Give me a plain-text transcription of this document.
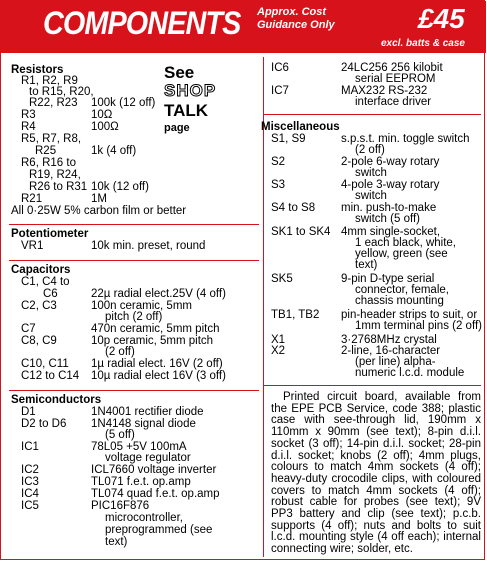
COMPONENTS Approx. Cost
Guidance Only	£45
excl. batts & case
See
SHOP
TALK
page
Resistors
R1, R2, R9
to R15, R20,
R22, R23 100k (12 off)
R3	10Ω
R4	100Ω
R5, R7, R8,
R25	1k (4 off)
R6, R16 to
R19, R24,
R26 to R31 10k (12 off)
R21	1M
All 0·25W 5% carbon film or better
Potentiometer
VR1	10k min. preset, round
Capacitors
C1, C4 to
C6	22µ radial elect.25V (4 off)
C2, C3	100n ceramic, 5mm
pitch (2 off)
C7	470n ceramic, 5mm pitch
C8, C9	10p ceramic, 5mm pitch
(2 off)
C10, C11 1µ radial elect. 16V (2 off)
C12 to C14 10µ radial elect 16V (3 off)
Semiconductors
D1	1N4001 rectifier diode
D2 to D6 1N4148 signal diode
(5 off)
IC1	78L05 +5V 100mA
voltage regulator
IC2	ICL7660 voltage inverter
IC3	TL071 f.e.t. op.amp
IC4	TL074 quad f.e.t. op.amp
IC5	PIC16F876
microcontroller,
preprogrammed (see
text)
IC6	24LC256 256 kilobit
serial EEPROM
IC7	MAX232 RS-232
interface driver
Miscellaneous
S1, S9	s.p.s.t. min. toggle switch
(2 off)
S2	2-pole 6-way rotary
switch
S3	4-pole 3-way rotary
switch
S4 to S8 min. push-to-make
switch (5 off)
SK1 to SK4 4mm single-socket,
1 each black, white,
yellow, green (see
text)
SK5	9-pin D-type serial
connector, female,
chassis mounting
TB1, TB2 pin-header strips to suit, or
1mm terminal pins (2 off)
X1	3·2768MHz crystal
X2	2-line, 16-character
(per line) alpha-
numeric l.c.d. module
Printed circuit board, available from the EPE PCB Service, code 388; plastic case with see-through lid, 190mm x 110mm x 90mm (see text); 8-pin d.i.l. socket (3 off); 14-pin d.i.l. socket; 28-pin d.i.l. socket; knobs (2 off); 4mm plugs, colours to match 4mm sockets (4 off); heavy-duty crocodile clips, with coloured covers to match 4mm sockets (4 off); robust cable for probes (see text); 9V PP3 battery and clip (see text); p.c.b. supports (4 off); nuts and bolts to suit l.c.d. mounting style (4 off each); internal connecting wire; solder, etc.
